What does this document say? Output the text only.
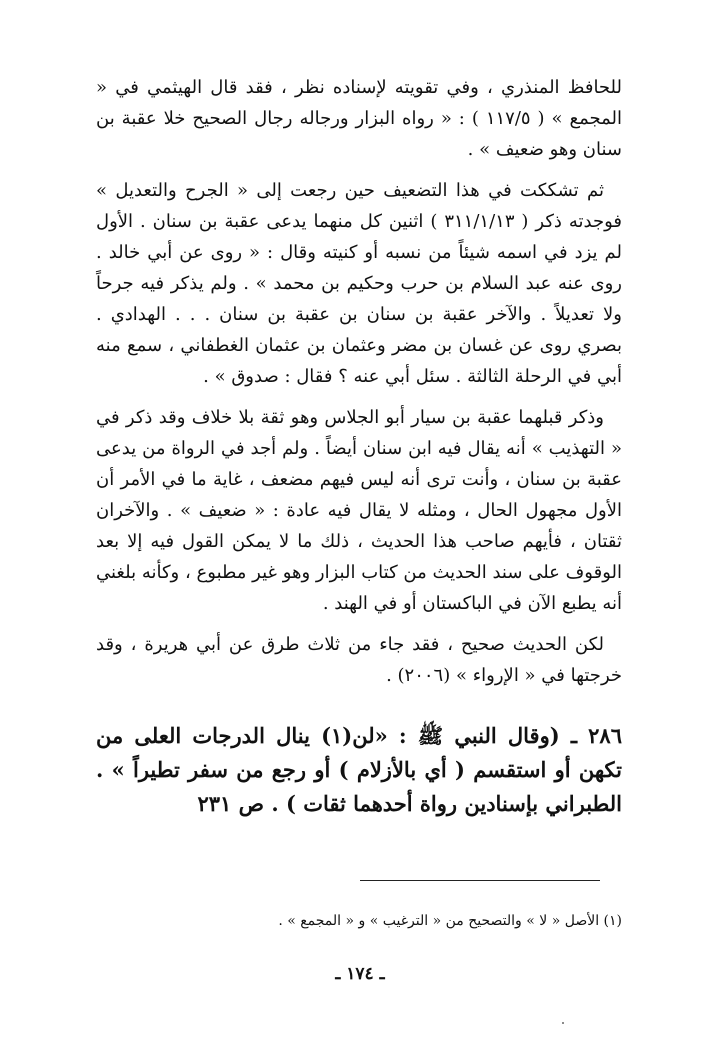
للحافظ المنذري ، وفي تقويته لإسناده نظر ، فقد قال الهيثمي في « المجمع » ( ١١٧/٥ ) : « رواه البزار ورجاله رجال الصحيح خلا عقبة بن سنان وهو ضعيف » .

ثم تشككت في هذا التضعيف حين رجعت إلى « الجرح والتعديل » فوجدته ذكر ( ٣١١/١/١٣ ) اثنين كل منهما يدعى عقبة بن سنان . الأول لم يزد في اسمه شيئاً من نسبه أو كنيته وقال : « روى عن أبي خالد . روى عنه عبد السلام بن حرب وحكيم بن محمد » . ولم يذكر فيه جرحاً ولا تعديلاً . والآخر عقبة بن سنان بن عقبة بن سنان . . . الهدادي . بصري روى عن غسان بن مضر وعثمان بن عثمان الغطفاني ، سمع منه أبي في الرحلة الثالثة . سئل أبي عنه ؟ فقال : صدوق » .

وذكر قبلهما عقبة بن سيار أبو الجلاس وهو ثقة بلا خلاف وقد ذكر في « التهذيب » أنه يقال فيه ابن سنان أيضاً . ولم أجد في الرواة من يدعى عقبة بن سنان ، وأنت ترى أنه ليس فيهم مضعف ، غاية ما في الأمر أن الأول مجهول الحال ، ومثله لا يقال فيه عادة : « ضعيف » . والآخران ثقتان ، فأيهم صاحب هذا الحديث ، ذلك ما لا يمكن القول فيه إلا بعد الوقوف على سند الحديث من كتاب البزار وهو غير مطبوع ، وكأنه بلغني أنه يطبع الآن في الباكستان أو في الهند .

لكن الحديث صحيح ، فقد جاء من ثلاث طرق عن أبي هريرة ، وقد خرجتها في « الإرواء » (٢٠٠٦) .

٢٨٦ ـ (وقال النبي ﷺ : «لن(١) ينال الدرجات العلى من تكهن أو استقسم ( أي بالأزلام ) أو رجع من سفر تطيراً » . الطبراني بإسنادين رواة أحدهما ثقات ) . ص ٢٣١

(١) الأصل « لا » والتصحيح من « الترغيب » و « المجمع » .

ـ ١٧٤ ـ
